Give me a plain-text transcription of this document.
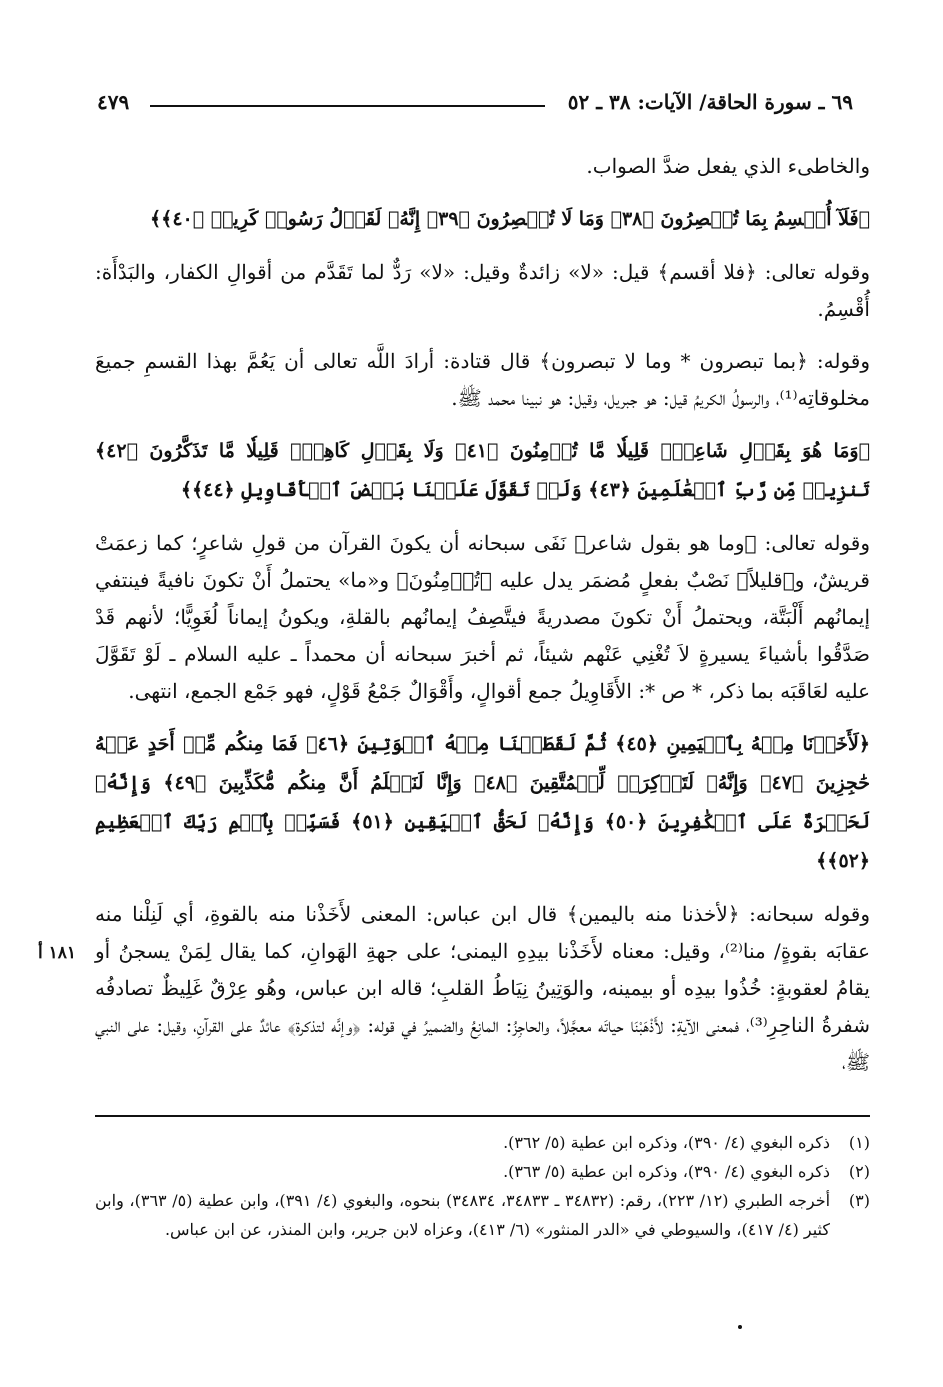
٦٩ ـ سورة الحاقة/ الآيات: ٣٨ ـ ٥٢
٤٧٩

والخاطىء الذي يفعل ضدَّ الصواب.

﴿فَلَآ أُقۡسِمُ بِمَا تُبۡصِرُونَ ﴿٣٨﴾ وَمَا لَا تُبۡصِرُونَ ﴿٣٩﴾ إِنَّهُۥ لَقَوۡلُ رَسُولٖ كَرِيمٖ ﴿٤٠﴾﴾

وقوله تعالى: ﴿فلا أقسم﴾ قيل: «لا» زائدةٌ وقيل: «لا» رَدٌّ لما تَقَدَّم من أقوالِ الكفار، والبَدْأَة: أُقْسِمُ.

وقوله: ﴿بما تبصرون * وما لا تبصرون﴾ قال قتادة: أرادَ اللَّه تعالى أن يَعُمَّ بهذا القسمِ جميعَ مخلوقاتِه⁽¹⁾، والرسولُ الكريمُ قيل: هو جبريل، وقيل: هو نبينا محمد ﷺ.

﴿وَمَا هُوَ بِقَوۡلِ شَاعِرٖۚ قَلِيلٗا مَّا تُؤۡمِنُونَ ﴿٤١﴾ وَلَا بِقَوۡلِ كَاهِنٖۚ قَلِيلٗا مَّا تَذَكَّرُونَ ﴿٤٢﴾ تَنزِيلٞ مِّن رَّبِّ ٱلۡعَٰلَمِينَ ﴿٤٣﴾ وَلَوۡ تَقَوَّلَ عَلَيۡنَا بَعۡضَ ٱلۡأَقَاوِيلِ ﴿٤٤﴾﴾

وقوله تعالى: ﴿وما هو بقول شاعر﴾ نَفَى سبحانه أن يكونَ القرآن من قولِ شاعرٍ؛ كما زعمَتْ قريشٌ، و﴿قليلاً﴾ نَصْبٌ بفعلٍ مُضمَر يدل عليه ﴿تُؤۡمِنُونَ﴾ و«ما» يحتملُ أَنْ تكونَ نافيةً فينتفي إيمانُهم أَلْبَتَّة، ويحتملُ أَنْ تكونَ مصدريةً فيتَّصِفُ إيمانُهم بالقلةِ، ويكونُ إيماناً لُغَوِيًّا؛ لأنهم قَدْ صَدَّقُوا بأشياءَ يسيرةٍ لاَ تُغْنِي عَنْهم شيئاً، ثم أخبرَ سبحانه أن محمداً ـ عليه السلام ـ لَوْ تَقَوَّلَ عليه لعَاقَبَه بما ذكر، * ص *: الأَقَاوِيلُ جمع أقوالٍ، وأَقْوَالٌ جَمْعُ قَوْلٍ، فهو جَمْع الجمع، انتهى.

﴿لَأَخَذۡنَا مِنۡهُ بِٱلۡيَمِينِ ﴿٤٥﴾ ثُمَّ لَقَطَعۡنَا مِنۡهُ ٱلۡوَتِينَ ﴿٤٦﴾ فَمَا مِنكُم مِّنۡ أَحَدٍ عَنۡهُ حَٰجِزِينَ ﴿٤٧﴾ وَإِنَّهُۥ لَتَذۡكِرَةٞ لِّلۡمُتَّقِينَ ﴿٤٨﴾ وَإِنَّا لَنَعۡلَمُ أَنَّ مِنكُم مُّكَذِّبِينَ ﴿٤٩﴾ وَإِنَّهُۥ لَحَسۡرَةٌ عَلَى ٱلۡكَٰفِرِينَ ﴿٥٠﴾ وَإِنَّهُۥ لَحَقُّ ٱلۡيَقِينِ ﴿٥١﴾ فَسَبِّحۡ بِٱسۡمِ رَبِّكَ ٱلۡعَظِيمِ ﴿٥٢﴾﴾

وقوله سبحانه: ﴿لأخذنا منه باليمين﴾ قال ابن عباس: المعنى لأَخَذْنا منه بالقوةِ، أي لَنِلْنا منه عقابَه بقوةٍ/ منا⁽²⁾، وقيل: معناه لأَخَذْنا بيدِهِ اليمنى؛ على جهةِ الهَوانِ، كما يقال لِمَنْ يسجنُ أو يقامُ لعقوبةٍ: خُذُوا بيدِه أو بيمينه، والوَتِينُ نِيَاطُ القلبِ؛ قاله ابن عباس، وهُو عِرْقٌ غَلِيظٌ تصادفُه شفرةُ الناحِرِ⁽³⁾، فمعنى الآيةِ: لأَذْهَبْنَا حياتَه معجَّلاً، والحاجِزُ: المانِعُ والضميرُ في قوله: ﴿وإنَّه لتذكرة﴾ عائدٌ على القرآنِ، وقيل: على النبي ﷺ،

١٨١ أ
(١)
ذكره البغوي (٤/ ٣٩٠)، وذكره ابن عطية (٥/ ٣٦٢).
(٢)
ذكره البغوي (٤/ ٣٩٠)، وذكره ابن عطية (٥/ ٣٦٣).
(٣)
أخرجه الطبري (١٢/ ٢٢٣)، رقم: (٣٤٨٣٢ ـ ٣٤٨٣٣، ٣٤٨٣٤) بنحوه، والبغوي (٤/ ٣٩١)، وابن عطية (٥/ ٣٦٣)، وابن كثير (٤/ ٤١٧)، والسيوطي في «الدر المنثور» (٦/ ٤١٣)، وعزاه لابن جرير، وابن المنذر، عن ابن عباس.
